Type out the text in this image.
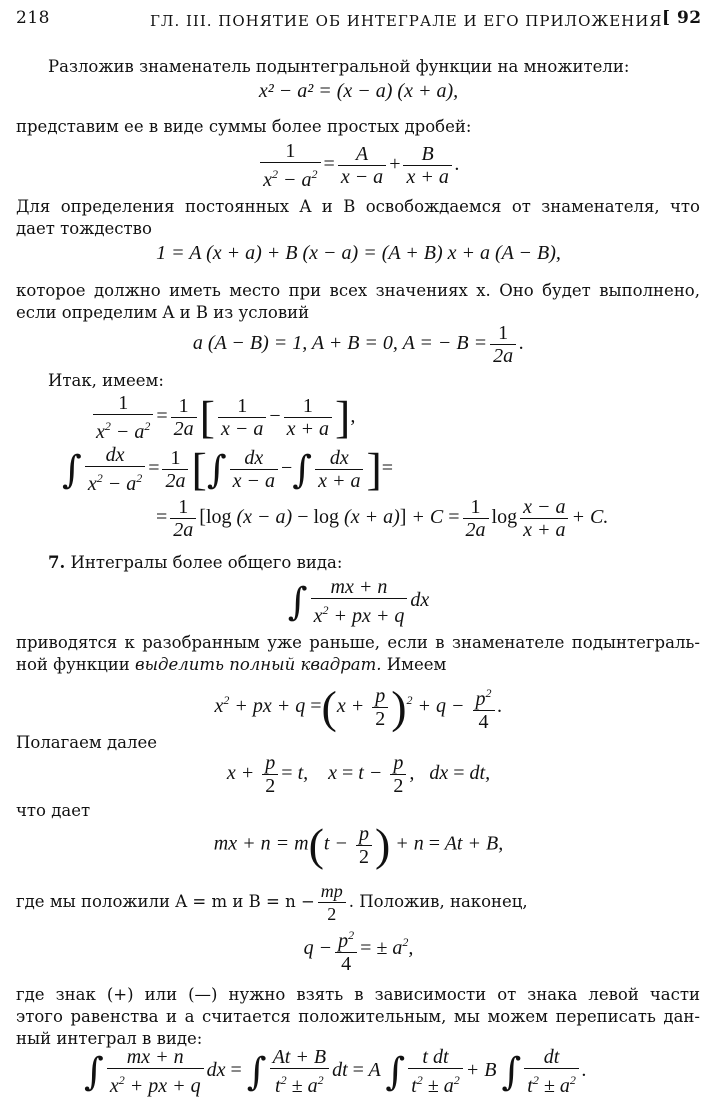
218	ГЛ. III. ПОНЯТИЕ ОБ ИНТЕГРАЛЕ И ЕГО ПРИЛОЖЕНИЯ [ 92
Разложив знаменатель подынтегральной функции на множители:
x² − a² = (x − a) (x + a),
представим ее в виде суммы более простых дробей:
$\frac{1}{x^2 - a^2} = \frac{A}{x - a} + \frac{B}{x + a}$ .
Для определения постоянных A и B освобождаемся от знаменателя, что
дает тождество
1 = A (x + a) + B (x − a) = (A + B) x + a (A − B),
которое должно иметь место при всех значениях x. Оно будет выполнено,
если определим A и B из условий
a (A − B) = 1, A + B = 0, A = − $B = \frac{1}{2a}$ .
Итак, имеем:
$\frac{1}{x^2 - a^2} = \frac{1}{2a}$ [ $\frac{1}{x - a} - \frac{1}{x + a}$ ],
∫ $\frac{dx}{x^2 - a^2} = \frac{1}{2a}$ [∫ $\frac{dx}{x - a}$ −∫ $\frac{dx}{x + a}$ ]=
= $\frac{1}{2a} [\log$ $(x - a) - \log (x + a)] + C = \frac{1}{2a}$ $\log \frac{x - a}{x + a} + C$.
7. Интегралы более общего вида:
∫ $\frac{mx + n}{x^2 + px + q}$ dx
приводятся к разобранным уже раньше, если в знаменателе подынтеграль-
ной функции выделить полный квадрат. Имеем
$x^2$ + px + $q =(x + \frac{p}{2} )^2 + q - \frac{p^2}{4}$ .
Полагаем далее
$x + \frac{p}{2} = t$,    $x = t - \frac{p}{2}$ ,   dx = dt,
что дает
mx + $n = m(t - \frac{p}{2}$ ) + n = At + B,
где мы положили A = m и $B = n - \frac{mp}{2}$ . Положив, наконец,
$q - \frac{p^2}{4}$ = ± $a^2$,
где знак (+) или (—) нужно взять в зависимости от знака левой части
этого равенства и a считается положительным, мы можем переписать дан-
ный интеграл в виде:
∫ $\frac{mx + n}{x^2 + px + q}$ dx = ∫ $\frac{At + B}{t^2 \pm a^2}$ dt = A ∫ $\frac{\text{t dt}}{t^2 \pm a^2} + B$ ∫ $\frac{dt}{t^2 \pm a^2}$ .
